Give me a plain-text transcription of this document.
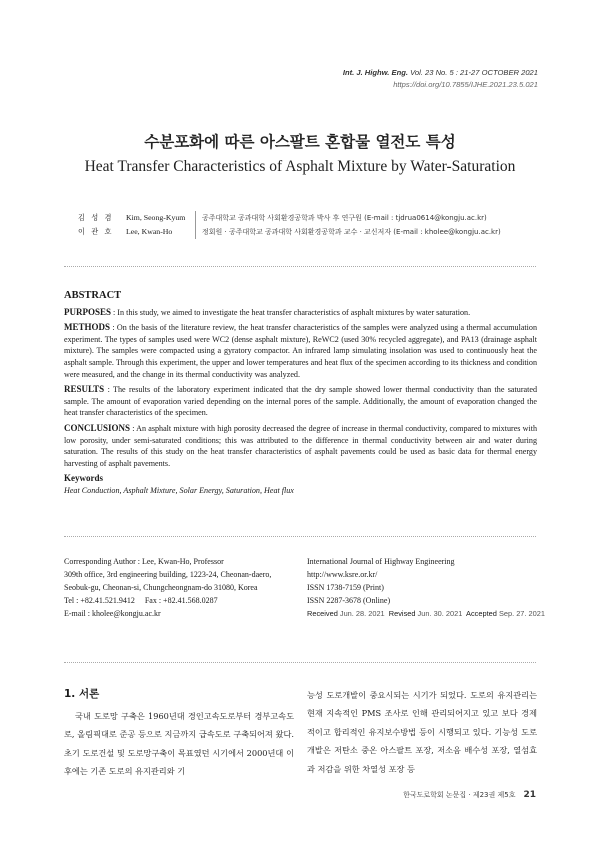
Int. J. Highw. Eng. Vol. 23 No. 5 : 21-27 OCTOBER 2021
https://doi.org/10.7855/IJHE.2021.23.5.021
수분포화에 따른 아스팔트 혼합물 열전도 특성
Heat Transfer Characteristics of Asphalt Mixture by Water-Saturation
김 성 겸 Kim, Seong-Kyum 공주대학교 공과대학 사회환경공학과 박사 후 연구원 (E-mail : tjdrua0614@kongju.ac.kr)
이 관 호 Lee, Kwan-Ho	정회원 · 공주대학교 공과대학 사회환경공학과 교수 · 교신저자 (E-mail : kholee@kongju.ac.kr)
ABSTRACT

PURPOSES : In this study, we aimed to investigate the heat transfer characteristics of asphalt mixtures by water saturation.

METHODS : On the basis of the literature review, the heat transfer characteristics of the samples were analyzed using a thermal accumulation experiment. The types of samples used were WC2 (dense asphalt mixture), ReWC2 (used 30% recycled aggregate), and PA13 (drainage asphalt mixture). The samples were compacted using a gyratory compactor. An infrared lamp simulating insolation was used to continuously heat the asphalt sample. Through this experiment, the upper and lower temperatures and heat flux of the specimen according to its thickness and condition were measured, and the change in its thermal conductivity was analyzed.

RESULTS : The results of the laboratory experiment indicated that the dry sample showed lower thermal conductivity than the saturated sample. The amount of evaporation varied depending on the internal pores of the sample. Additionally, the amount of evaporation changed the heat transfer characteristics of the specimen.

CONCLUSIONS : An asphalt mixture with high porosity decreased the degree of increase in thermal conductivity, compared to mixtures with low porosity, under semi-saturated conditions; this was attributed to the difference in thermal conductivity between air and water during saturation. The results of this study on the heat transfer characteristics of asphalt pavements could be used as basic data for thermal energy harvesting of asphalt pavements.

Keywords
Heat Conduction, Asphalt Mixture, Solar Energy, Saturation, Heat flux
Corresponding Author : Lee, Kwan-Ho, Professor
309th office, 3rd engineering building, 1223-24, Cheonan-daero,
Seobuk-gu, Cheonan-si, Chungcheongnam-do 31080, Korea
Tel : +82.41.521.9412     Fax : +82.41.568.0287
E-mail : kholee@kongju.ac.kr
International Journal of Highway Engineering
http://www.ksre.or.kr/
ISSN 1738-7159 (Print)
ISSN 2287-3678 (Online)
Received Jun. 28. 2021 Revised Jun. 30. 2021 Accepted Sep. 27. 2021
1. 서론
국내 도로망 구축은 1960년대 경인고속도로부터 경부고속도로, 올림픽대로 준공 등으로 지금까지 급속도로 구축되어져 왔다. 초기 도로건설 및 도로망구축이 목표였던 시기에서 2000년대 이후에는 기존 도로의 유지관리와 기
능성 도로개발이 중요시되는 시기가 되었다. 도로의 유지관리는 현재 지속적인 PMS 조사로 인해 관리되어지고 있고 보다 경제적이고 합리적인 유지보수방법 등이 시행되고 있다. 기능성 도로개발은 저탄소 중온 아스팔트 포장, 저소음 배수성 포장, 열섬효과 저감을 위한 차열성 포장 등
한국도로학회 논문집 · 제23권 제5호 21
